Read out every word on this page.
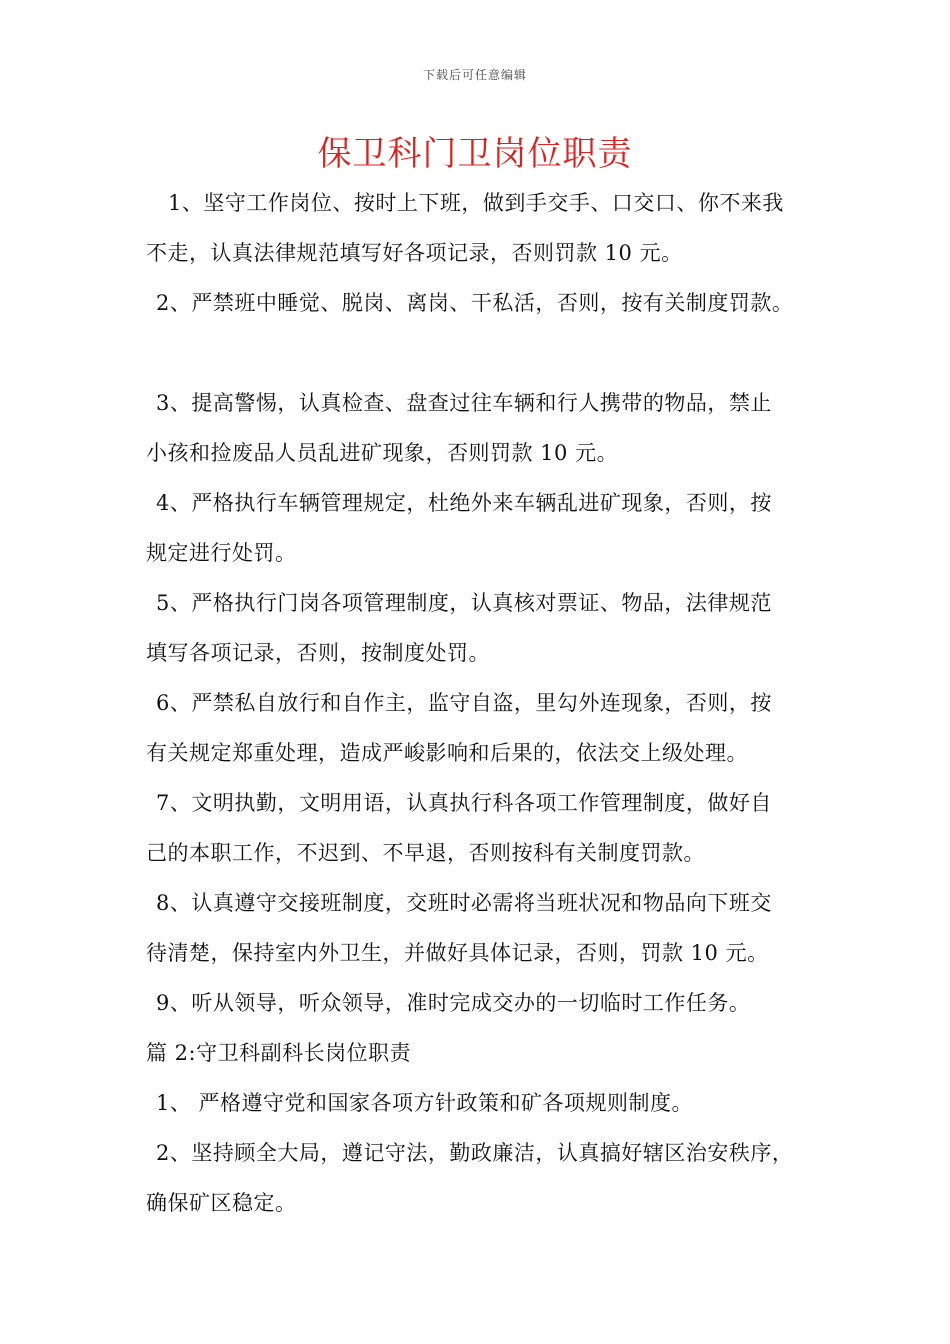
下载后可任意编辑
保卫科门卫岗位职责
1、坚守工作岗位、按时上下班，做到手交手、口交口、你不来我
不走，认真法律规范填写好各项记录，否则罚款 10 元。
2、严禁班中睡觉、脱岗、离岗、干私活，否则，按有关制度罚款。
3、提高警惕，认真检查、盘查过往车辆和行人携带的物品，禁止
小孩和捡废品人员乱进矿现象，否则罚款 10 元。
4、严格执行车辆管理规定，杜绝外来车辆乱进矿现象，否则，按
规定进行处罚。
5、严格执行门岗各项管理制度，认真核对票证、物品，法律规范
填写各项记录，否则，按制度处罚。
6、严禁私自放行和自作主，监守自盗，里勾外连现象，否则，按
有关规定郑重处理，造成严峻影响和后果的，依法交上级处理。
7、文明执勤，文明用语，认真执行科各项工作管理制度，做好自
己的本职工作，不迟到、不早退，否则按科有关制度罚款。
8、认真遵守交接班制度，交班时必需将当班状况和物品向下班交
待清楚，保持室内外卫生，并做好具体记录，否则，罚款 10 元。
9、听从领导，听众领导，准时完成交办的一切临时工作任务。
篇 2:守卫科副科长岗位职责
1、 严格遵守党和国家各项方针政策和矿各项规则制度。
2、坚持顾全大局，遵记守法，勤政廉洁，认真搞好辖区治安秩序，
确保矿区稳定。
